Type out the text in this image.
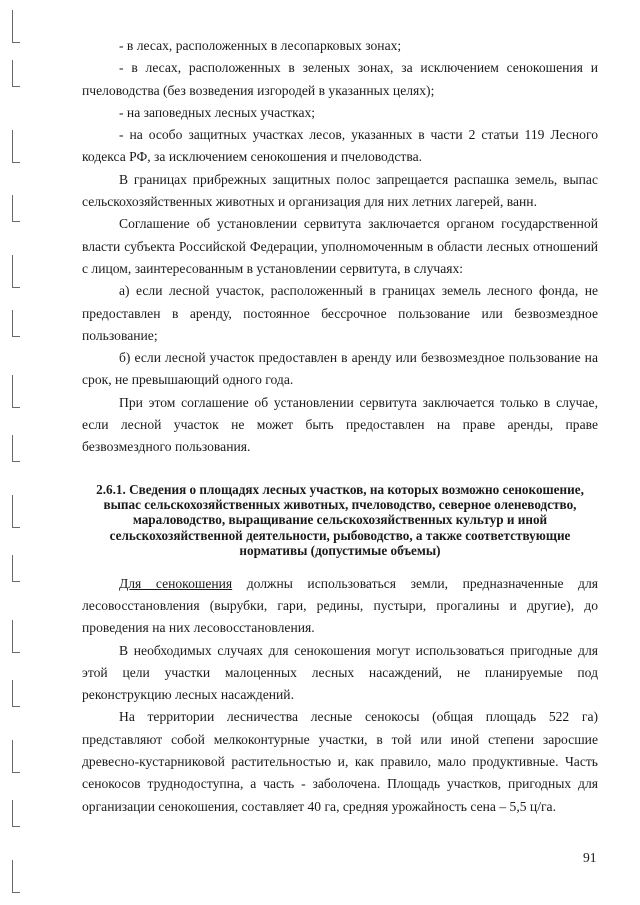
- в лесах, расположенных в лесопарковых зонах;

- в лесах, расположенных в зеленых зонах, за исключением сенокошения и пчеловодства (без возведения изгородей в указанных целях);

- на заповедных лесных участках;

- на особо защитных участках лесов, указанных в части 2 статьи 119 Лесного кодекса РФ, за исключением сенокошения и пчеловодства.

В границах прибрежных защитных полос запрещается распашка земель, выпас сельскохозяйственных животных и организация для них летних лагерей, ванн.

Соглашение об установлении сервитута заключается органом государственной власти субъекта Российской Федерации, уполномоченным в области лесных отношений с лицом, заинтересованным в установлении сервитута, в случаях:

а) если лесной участок, расположенный в границах земель лесного фонда, не предоставлен в аренду, постоянное бессрочное пользование или безвозмездное пользование;

б) если лесной участок предоставлен в аренду или безвозмездное пользование на срок, не превышающий одного года.

При этом соглашение об установлении сервитута заключается только в случае, если лесной участок не может быть предоставлен на праве аренды, праве безвозмездного пользования.

2.6.1. Сведения о площадях лесных участков, на которых возможно сенокошение, выпас сельскохозяйственных животных, пчеловодство, северное оленеводство, мараловодство, выращивание сельскохозяйственных культур и иной сельскохозяйственной деятельности, рыбоводство, а также соответствующие нормативы (допустимые объемы)

Для сенокошения должны использоваться земли, предназначенные для лесовосстановления (вырубки, гари, редины, пустыри, прогалины и другие), до проведения на них лесовосстановления.

В необходимых случаях для сенокошения могут использоваться пригодные для этой цели участки малоценных лесных насаждений, не планируемые под реконструкцию лесных насаждений.

На территории лесничества лесные сенокосы (общая площадь 522 га) представляют собой мелкоконтурные участки, в той или иной степени заросшие древесно-кустарниковой растительностью и, как правило, мало продуктивные. Часть сенокосов труднодоступна, а часть - заболочена. Площадь участков, пригодных для организации сенокошения, составляет 40 га, средняя урожайность сена – 5,5 ц/га.

91
